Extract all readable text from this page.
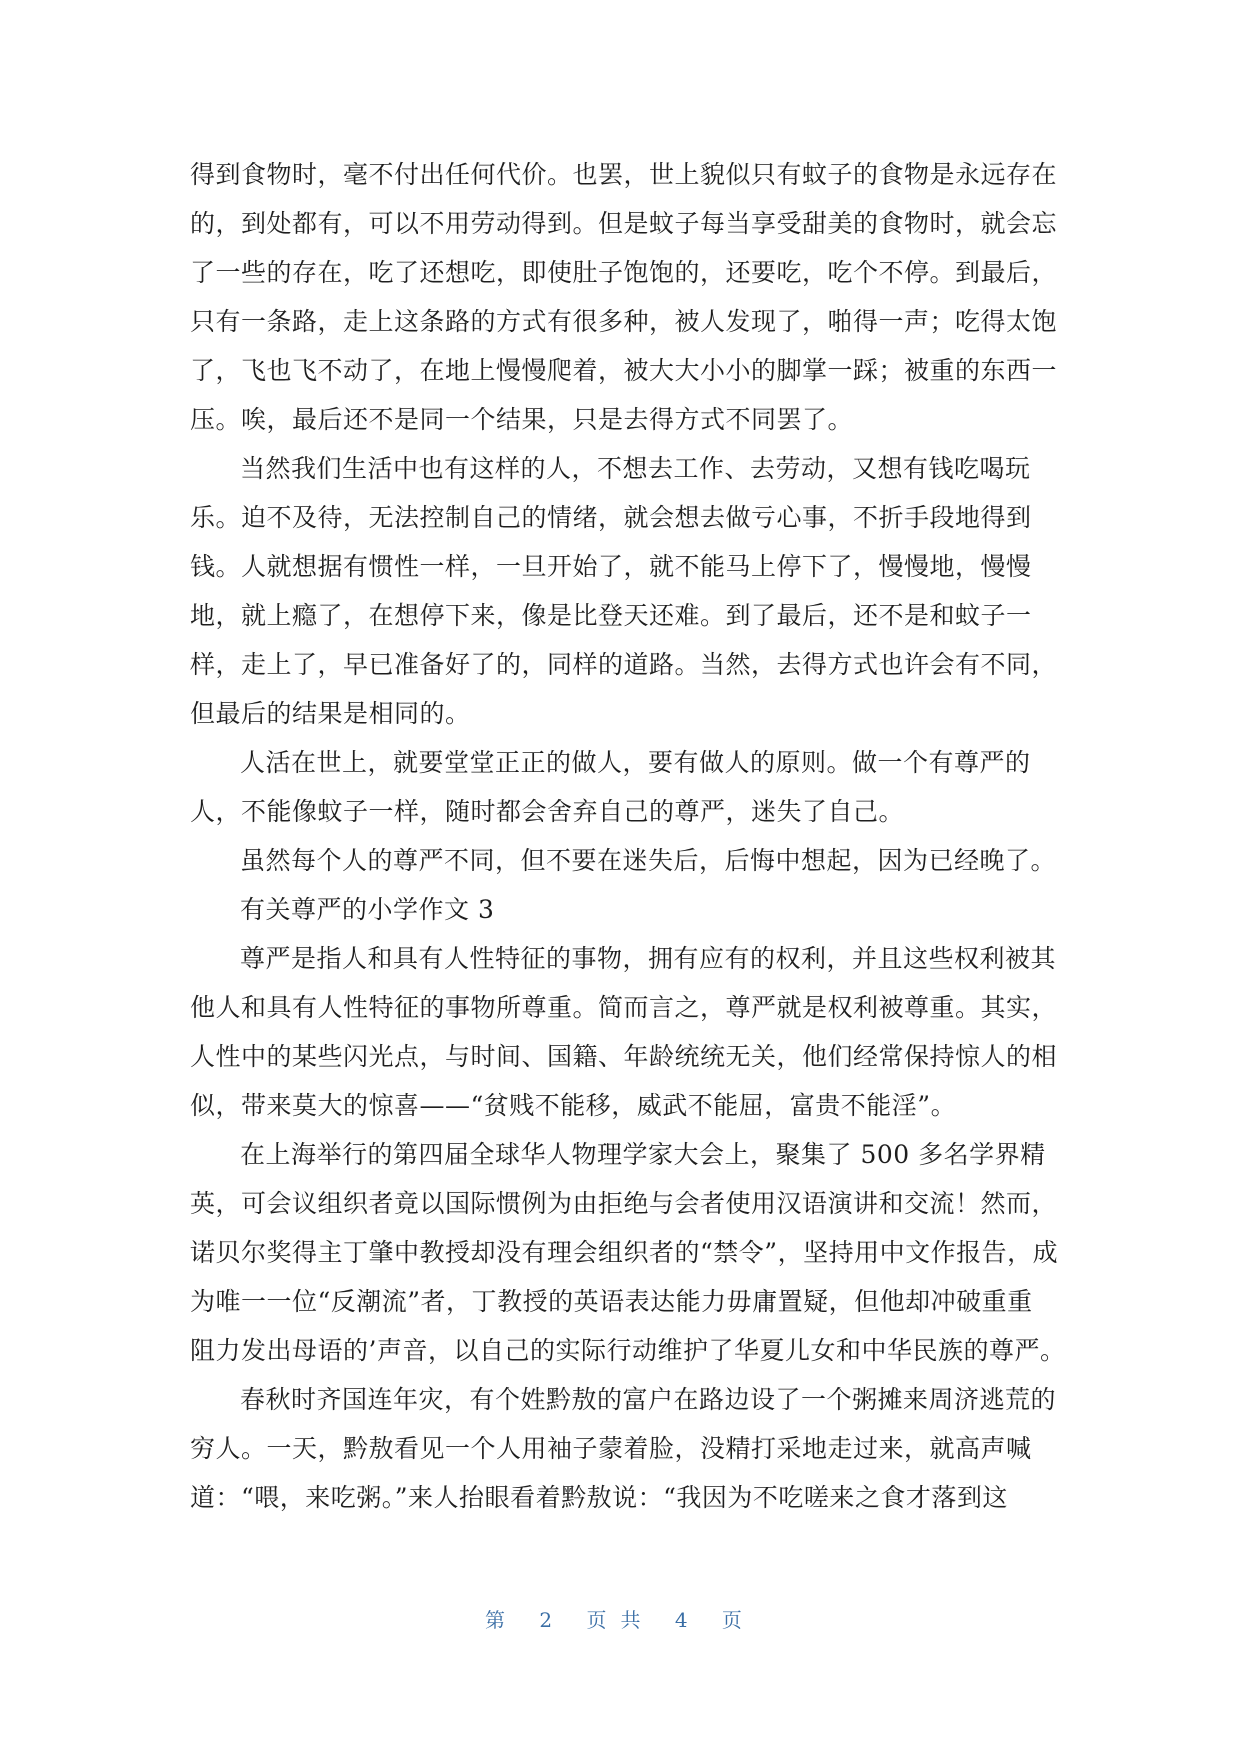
得到食物时，毫不付出任何代价。也罢，世上貌似只有蚊子的食物是永远存在
的，到处都有，可以不用劳动得到。但是蚊子每当享受甜美的食物时，就会忘
了一些的存在，吃了还想吃，即使肚子饱饱的，还要吃，吃个不停。到最后，
只有一条路，走上这条路的方式有很多种，被人发现了，啪得一声；吃得太饱
了，飞也飞不动了，在地上慢慢爬着，被大大小小的脚掌一踩；被重的东西一
压。唉，最后还不是同一个结果，只是去得方式不同罢了。
当然我们生活中也有这样的人，不想去工作、去劳动，又想有钱吃喝玩
乐。迫不及待，无法控制自己的情绪，就会想去做亏心事，不折手段地得到
钱。人就想据有惯性一样，一旦开始了，就不能马上停下了，慢慢地，慢慢
地，就上瘾了，在想停下来，像是比登天还难。到了最后，还不是和蚊子一
样，走上了，早已准备好了的，同样的道路。当然，去得方式也许会有不同，
但最后的结果是相同的。
人活在世上，就要堂堂正正的做人，要有做人的原则。做一个有尊严的
人，不能像蚊子一样，随时都会舍弃自己的尊严，迷失了自己。
虽然每个人的尊严不同，但不要在迷失后，后悔中想起，因为已经晚了。
有关尊严的小学作文 3
尊严是指人和具有人性特征的事物，拥有应有的权利，并且这些权利被其
他人和具有人性特征的事物所尊重。简而言之，尊严就是权利被尊重。其实，
人性中的某些闪光点，与时间、国籍、年龄统统无关，他们经常保持惊人的相
似，带来莫大的惊喜——“贫贱不能移，威武不能屈，富贵不能淫”。
在上海举行的第四届全球华人物理学家大会上，聚集了 500 多名学界精
英，可会议组织者竟以国际惯例为由拒绝与会者使用汉语演讲和交流！然而，
诺贝尔奖得主丁肇中教授却没有理会组织者的“禁令”，坚持用中文作报告，成
为唯一一位“反潮流”者，丁教授的英语表达能力毋庸置疑，但他却冲破重重
阻力发出母语的’声音，以自己的实际行动维护了华夏儿女和中华民族的尊严。
春秋时齐国连年灾，有个姓黔敖的富户在路边设了一个粥摊来周济逃荒的
穷人。一天，黔敖看见一个人用袖子蒙着脸，没精打采地走过来，就高声喊
道：“喂，来吃粥。”来人抬眼看着黔敖说：“我因为不吃嗟来之食才落到这
第 2 页共 4 页
